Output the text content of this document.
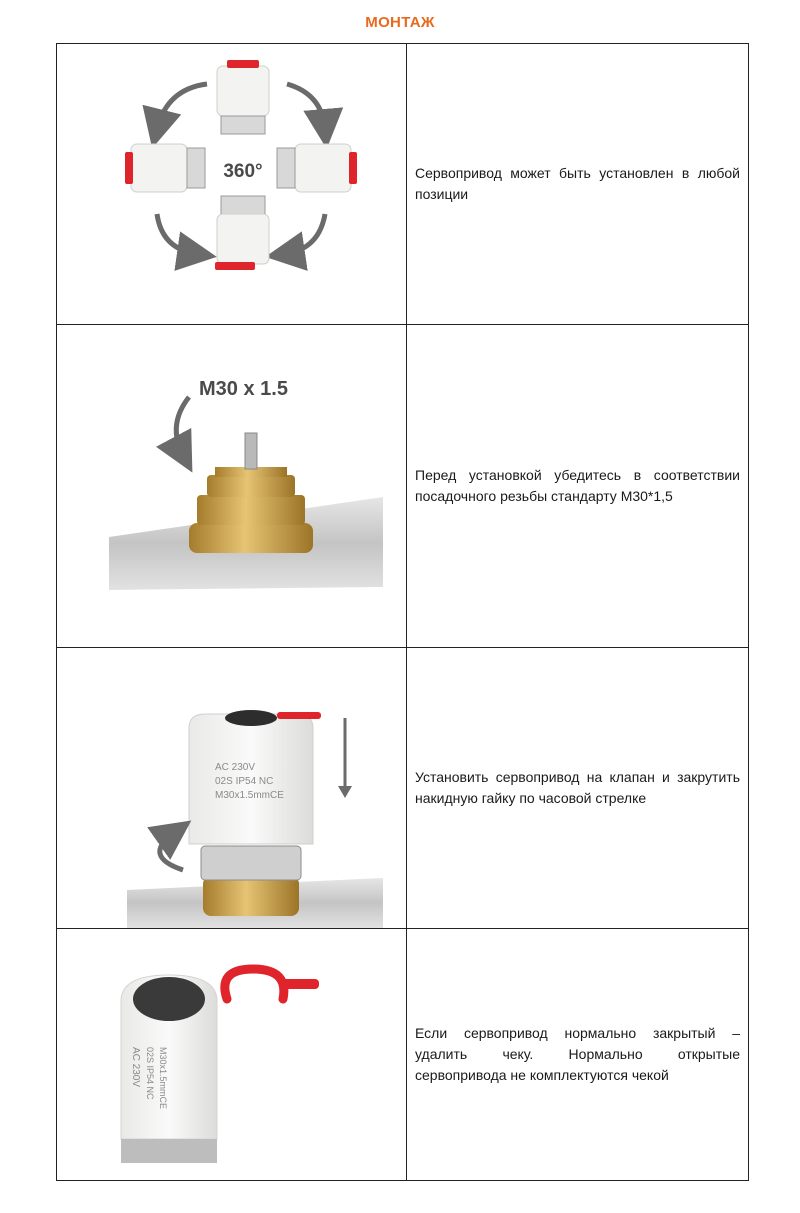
МОНТАЖ
360°	Сервопривод может быть установлен в любой позиции

M30 x 1.5	Перед установкой убедитесь в соответствии посадочного резьбы стандарту M30*1,5

AC 230V
02S IP54 NC
M30x1.5mmCE	Установить сервопривод на клапан и закрутить накидную гайку по часовой стрелке

AC 230V 02S IP54 NC M30x1.5mmCE	Если сервопривод нормально закрытый – удалить чеку. Нормально открытые сервопривода не комплектуются чекой
